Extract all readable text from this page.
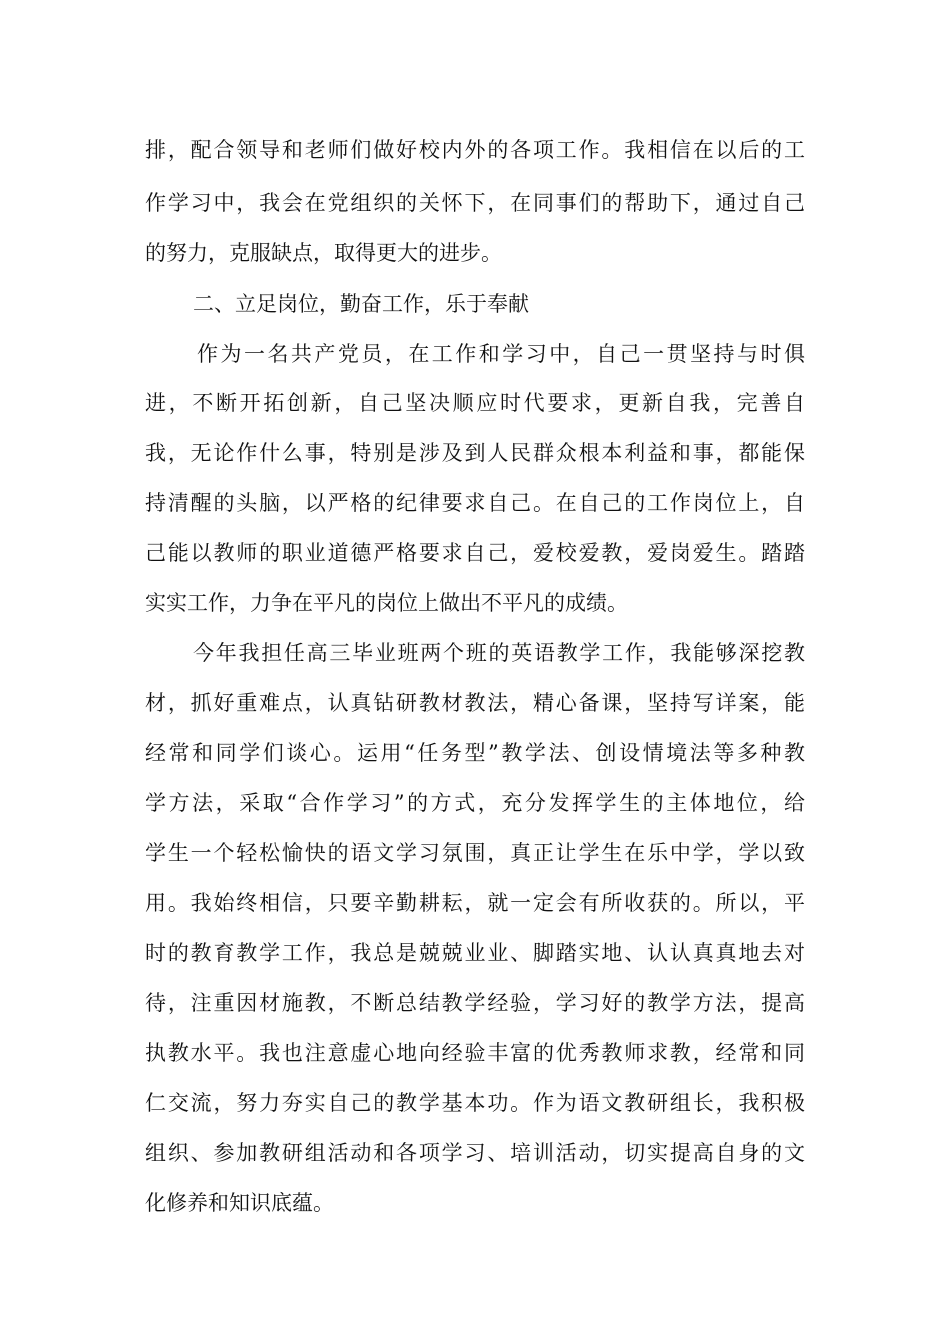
排，配合领导和老师们做好校内外的各项工作。我相信在以后的工
作学习中，我会在党组织的关怀下，在同事们的帮助下，通过自己
的努力，克服缺点，取得更大的进步。
二、立足岗位，勤奋工作，乐于奉献
作为一名共产党员，在工作和学习中，自己一贯坚持与时俱
进，不断开拓创新，自己坚决顺应时代要求，更新自我，完善自
我，无论作什么事，特别是涉及到人民群众根本利益和事，都能保
持清醒的头脑，以严格的纪律要求自己。在自己的工作岗位上，自
己能以教师的职业道德严格要求自己，爱校爱教，爱岗爱生。踏踏
实实工作，力争在平凡的岗位上做出不平凡的成绩。
今年我担任高三毕业班两个班的英语教学工作，我能够深挖教
材，抓好重难点，认真钻研教材教法，精心备课，坚持写详案，能
经常和同学们谈心。运用“任务型”教学法、创设情境法等多种教
学方法，采取“合作学习”的方式，充分发挥学生的主体地位，给
学生一个轻松愉快的语文学习氛围，真正让学生在乐中学，学以致
用。我始终相信，只要辛勤耕耘，就一定会有所收获的。所以，平
时的教育教学工作，我总是兢兢业业、脚踏实地、认认真真地去对
待，注重因材施教，不断总结教学经验，学习好的教学方法，提高
执教水平。我也注意虚心地向经验丰富的优秀教师求教，经常和同
仁交流，努力夯实自己的教学基本功。作为语文教研组长，我积极
组织、参加教研组活动和各项学习、培训活动，切实提高自身的文
化修养和知识底蕴。
